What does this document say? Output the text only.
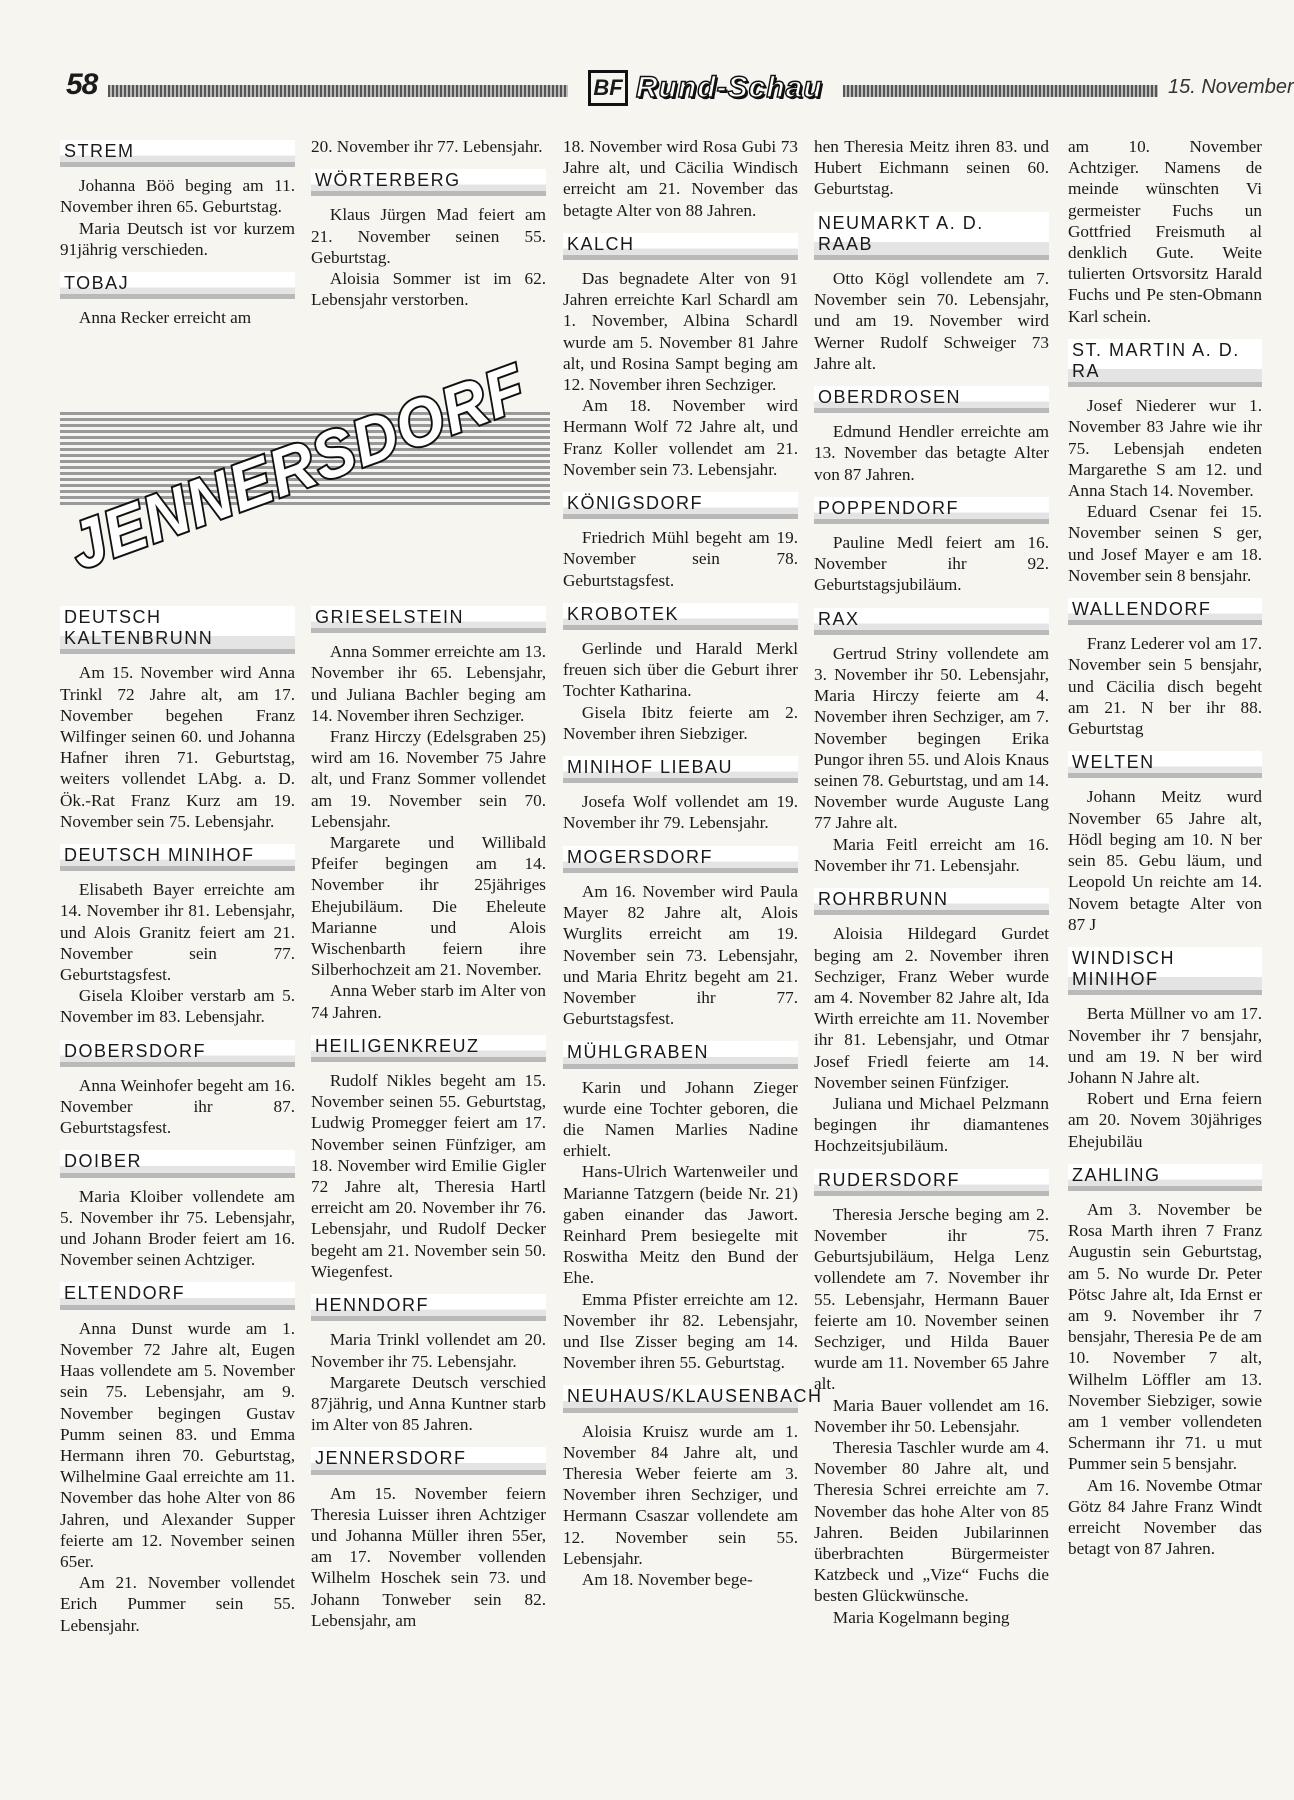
58	BF Rund-Schau	15. November
STREM

Johanna Böö beging am 11. November ihren 65. Geburtstag.

Maria Deutsch ist vor kurzem 91jährig verschieden.

TOBAJ

Anna Recker erreicht am

20. November ihr 77. Lebensjahr.

WÖRTERBERG

Klaus Jürgen Mad feiert am 21. November seinen 55. Geburtstag.

Aloisia Sommer ist im 62. Lebensjahr verstorben.

JENNERSDORF
DEUTSCH KALTENBRUNN

Am 15. November wird Anna Trinkl 72 Jahre alt, am 17. November begehen Franz Wilfinger seinen 60. und Johanna Hafner ihren 71. Geburtstag, weiters vollendet LAbg. a. D. Ök.-Rat Franz Kurz am 19. November sein 75. Lebensjahr.

DEUTSCH MINIHOF

Elisabeth Bayer erreichte am 14. November ihr 81. Lebensjahr, und Alois Granitz feiert am 21. November sein 77. Geburtstagsfest.

Gisela Kloiber verstarb am 5. November im 83. Lebensjahr.

DOBERSDORF

Anna Weinhofer begeht am 16. November ihr 87. Geburtstagsfest.

DOIBER

Maria Kloiber vollendete am 5. November ihr 75. Lebensjahr, und Johann Broder feiert am 16. November seinen Achtziger.

ELTENDORF

Anna Dunst wurde am 1. November 72 Jahre alt, Eugen Haas vollendete am 5. November sein 75. Lebensjahr, am 9. November begingen Gustav Pumm seinen 83. und Emma Hermann ihren 70. Geburtstag, Wilhelmine Gaal erreichte am 11. November das hohe Alter von 86 Jahren, und Alexander Supper feierte am 12. November seinen 65er.

Am 21. November vollendet Erich Pummer sein 55. Lebensjahr.

GRIESELSTEIN

Anna Sommer erreichte am 13. November ihr 65. Lebensjahr, und Juliana Bachler beging am 14. November ihren Sechziger.

Franz Hirczy (Edelsgraben 25) wird am 16. November 75 Jahre alt, und Franz Sommer vollendet am 19. November sein 70. Lebensjahr.

Margarete und Willibald Pfeifer begingen am 14. November ihr 25jähriges Ehejubiläum. Die Eheleute Marianne und Alois Wischenbarth feiern ihre Silberhochzeit am 21. November.

Anna Weber starb im Alter von 74 Jahren.

HEILIGENKREUZ

Rudolf Nikles begeht am 15. November seinen 55. Geburtstag, Ludwig Promegger feiert am 17. November seinen Fünfziger, am 18. November wird Emilie Gigler 72 Jahre alt, Theresia Hartl erreicht am 20. November ihr 76. Lebensjahr, und Rudolf Decker begeht am 21. November sein 50. Wiegenfest.

HENNDORF

Maria Trinkl vollendet am 20. November ihr 75. Lebensjahr.

Margarete Deutsch verschied 87jährig, und Anna Kuntner starb im Alter von 85 Jahren.

JENNERSDORF

Am 15. November feiern Theresia Luisser ihren Achtziger und Johanna Müller ihren 55er, am 17. November vollenden Wilhelm Hoschek sein 73. und Johann Tonweber sein 82. Lebensjahr, am

18. November wird Rosa Gubi 73 Jahre alt, und Cäcilia Windisch erreicht am 21. November das betagte Alter von 88 Jahren.

KALCH

Das begnadete Alter von 91 Jahren erreichte Karl Schardl am 1. November, Albina Schardl wurde am 5. November 81 Jahre alt, und Rosina Sampt beging am 12. November ihren Sechziger.

Am 18. November wird Hermann Wolf 72 Jahre alt, und Franz Koller vollendet am 21. November sein 73. Lebensjahr.

KÖNIGSDORF

Friedrich Mühl begeht am 19. November sein 78. Geburtstagsfest.

KROBOTEK

Gerlinde und Harald Merkl freuen sich über die Geburt ihrer Tochter Katharina.

Gisela Ibitz feierte am 2. November ihren Siebziger.

MINIHOF LIEBAU

Josefa Wolf vollendet am 19. November ihr 79. Lebensjahr.

MOGERSDORF

Am 16. November wird Paula Mayer 82 Jahre alt, Alois Wurglits erreicht am 19. November sein 73. Lebensjahr, und Maria Ehritz begeht am 21. November ihr 77. Geburtstagsfest.

MÜHLGRABEN

Karin und Johann Zieger wurde eine Tochter geboren, die die Namen Marlies Nadine erhielt.

Hans-Ulrich Wartenweiler und Marianne Tatzgern (beide Nr. 21) gaben einander das Jawort. Reinhard Prem besiegelte mit Roswitha Meitz den Bund der Ehe.

Emma Pfister erreichte am 12. November ihr 82. Lebensjahr, und Ilse Zisser beging am 14. November ihren 55. Geburtstag.

NEUHAUS/KLAUSENBACH

Aloisia Kruisz wurde am 1. November 84 Jahre alt, und Theresia Weber feierte am 3. November ihren Sechziger, und Hermann Csaszar vollendete am 12. November sein 55. Lebensjahr.

Am 18. November bege-

hen Theresia Meitz ihren 83. und Hubert Eichmann seinen 60. Geburtstag.

NEUMARKT A. D. RAAB

Otto Kögl vollendete am 7. November sein 70. Lebensjahr, und am 19. November wird Werner Rudolf Schweiger 73 Jahre alt.

OBERDROSEN

Edmund Hendler erreichte am 13. November das betagte Alter von 87 Jahren.

POPPENDORF

Pauline Medl feiert am 16. November ihr 92. Geburtstagsjubiläum.

RAX

Gertrud Striny vollendete am 3. November ihr 50. Lebensjahr, Maria Hirczy feierte am 4. November ihren Sechziger, am 7. November begingen Erika Pungor ihren 55. und Alois Knaus seinen 78. Geburtstag, und am 14. November wurde Auguste Lang 77 Jahre alt.

Maria Feitl erreicht am 16. November ihr 71. Lebensjahr.

ROHRBRUNN

Aloisia Hildegard Gurdet beging am 2. November ihren Sechziger, Franz Weber wurde am 4. November 82 Jahre alt, Ida Wirth erreichte am 11. November ihr 81. Lebensjahr, und Otmar Josef Friedl feierte am 14. November seinen Fünfziger.

Juliana und Michael Pelzmann begingen ihr diamantenes Hochzeitsjubiläum.

RUDERSDORF

Theresia Jersche beging am 2. November ihr 75. Geburtsjubiläum, Helga Lenz vollendete am 7. November ihr 55. Lebensjahr, Hermann Bauer feierte am 10. November seinen Sechziger, und Hilda Bauer wurde am 11. November 65 Jahre alt.

Maria Bauer vollendet am 16. November ihr 50. Lebensjahr.

Theresia Taschler wurde am 4. November 80 Jahre alt, und Theresia Schrei erreichte am 7. November das hohe Alter von 85 Jahren. Beiden Jubilarinnen überbrachten Bürgermeister Katzbeck und „Vize“ Fuchs die besten Glückwünsche.

Maria Kogelmann beging

am 10. November Achtziger. Namens de meinde wünschten Vi germeister Fuchs un Gottfried Freismuth al denklich Gute. Weite tulierten Ortsvorsitz Harald Fuchs und Pe sten-Obmann Karl schein.

ST. MARTIN A. D. RA

Josef Niederer wur 1. November 83 Jahre wie ihr 75. Lebensjah endeten Margarethe S am 12. und Anna Stach 14. November.

Eduard Csenar fei 15. November seinen S ger, und Josef Mayer e am 18. November sein 8 bensjahr.

WALLENDORF

Franz Lederer vol am 17. November sein 5 bensjahr, und Cäcilia disch begeht am 21. N ber ihr 88. Geburtstag

WELTEN

Johann Meitz wurd November 65 Jahre alt, Hödl beging am 10. N ber sein 85. Gebu läum, und Leopold Un reichte am 14. Novem betagte Alter von 87 J

WINDISCH MINIHOF

Berta Müllner vo am 17. November ihr 7 bensjahr, und am 19. N ber wird Johann N Jahre alt.

Robert und Erna feiern am 20. Novem 30jähriges Ehejubiläu

ZAHLING

Am 3. November be Rosa Marth ihren 7 Franz Augustin sein Geburtstag, am 5. No wurde Dr. Peter Pötsc Jahre alt, Ida Ernst er am 9. November ihr 7 bensjahr, Theresia Pe de am 10. November 7 alt, Wilhelm Löffler am 13. November Siebziger, sowie am 1 vember vollendeten Schermann ihr 71. u mut Pummer sein 5 bensjahr.

Am 16. Novembe Otmar Götz 84 Jahre Franz Windt erreicht November das betagt von 87 Jahren.
